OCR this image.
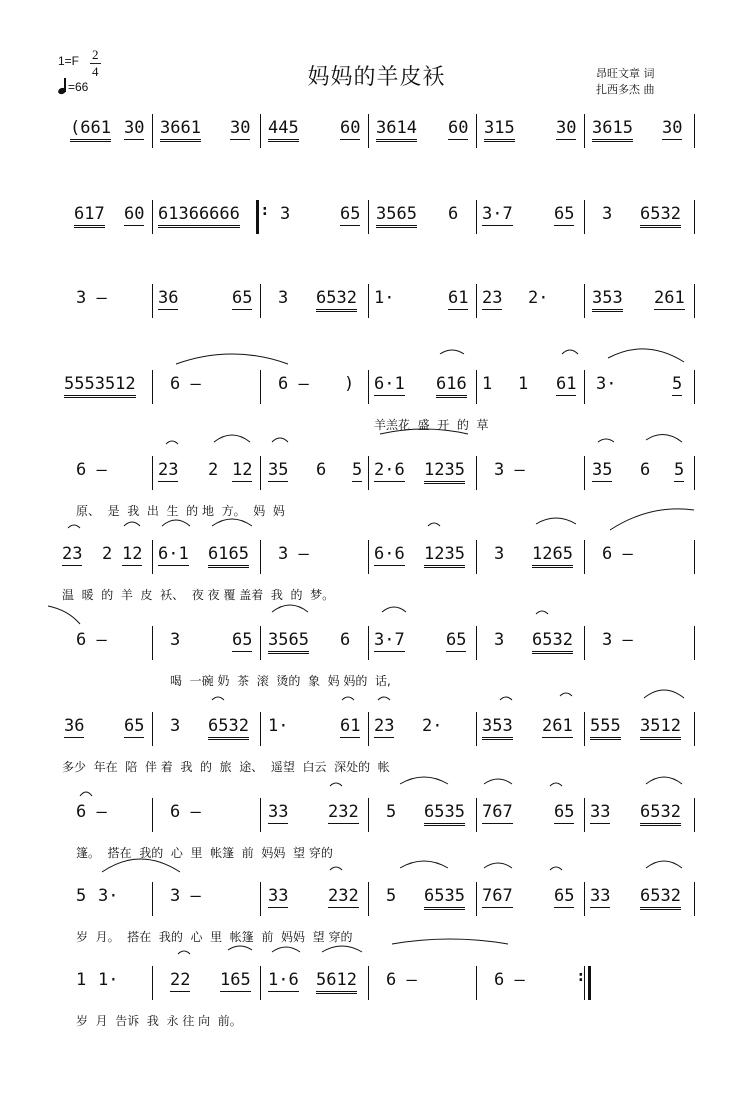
1=F 2
4
=66	妈妈的羊皮袄	昂旺文章 词
扎西多杰 曲
(661 30 3661 30 445 60 3614 60 315 30 3615 30
617 60 61366666 : 3	65 3565 6 3·7 65 3 6532
3 –	36	65 3 6532 1·	61 23 2·	353 261
5553512 6 –	6 – ) 6·1 616 1 1 61 3·	5
羊羔花  盛  开  的  草
6 –	23 2 12 35 6 5 2·6 1235 3 –	35 6 5
原、  是  我  出  生  的 地  方。  妈  妈
23 2 12 6·1 6165 3 –	6·6 1235 3 1265 6 –
温  暖  的  羊  皮  袄、  夜 夜 覆 盖着  我  的  梦。
6 –	3	65 3565 6 3·7 65 3 6532 3 –
喝  一碗 奶  茶  滚  烫的  象  妈 妈的  话,
36 65 3 6532 1·	61 23 2· 353 261 555 3512
多少  年在  陪  伴 着  我  的  旅  途、  遥望  白云  深处的  帐
6 –	6 –	33 232 5 6535 767 65 33 6532
篷。  搭在  我的  心  里  帐篷  前  妈妈  望 穿的
5 3·	3 –	33 232 5 6535 767 65 33 6532
岁  月。  搭在  我的  心  里  帐篷  前  妈妈  望 穿的
1 1·	22 165 1·6 5612 6 –	6 –	:
岁  月  告诉  我  永 往 向  前。
